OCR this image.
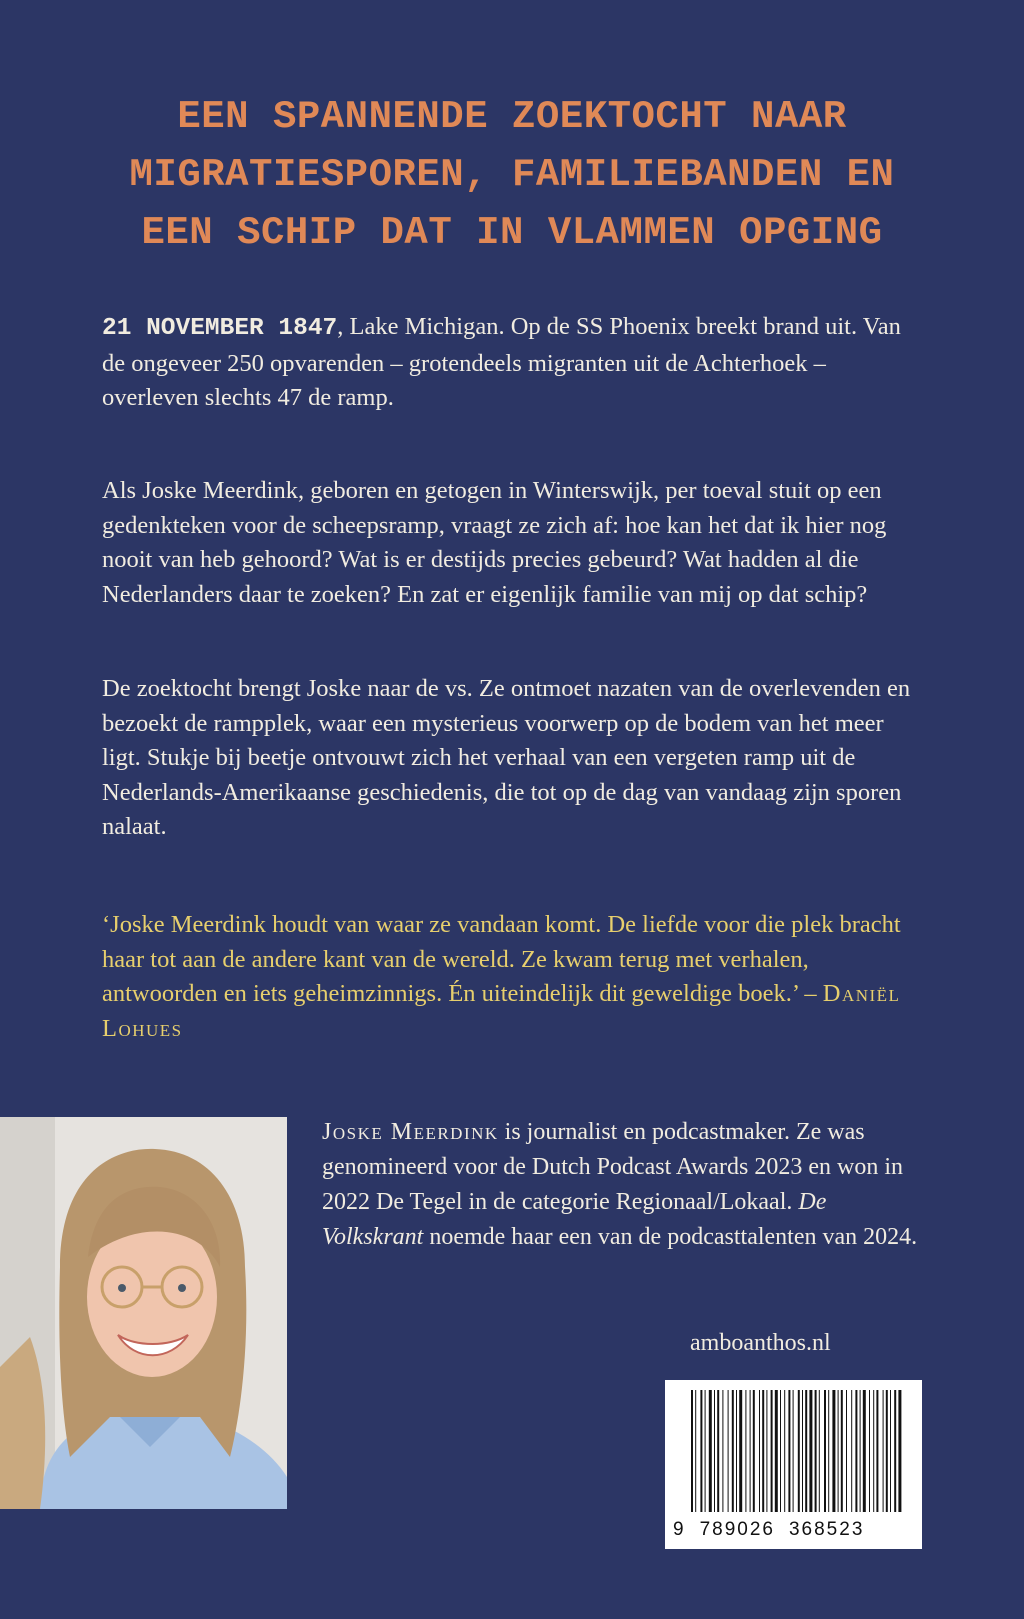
EEN SPANNENDE ZOEKTOCHT NAAR
MIGRATIESPOREN, FAMILIEBANDEN EN
EEN SCHIP DAT IN VLAMMEN OPGING

21 NOVEMBER 1847, Lake Michigan. Op de SS Phoenix breekt brand uit. Van de ongeveer 250 opvarenden – grotendeels migranten uit de Achterhoek – overleven slechts 47 de ramp.

Als Joske Meerdink, geboren en getogen in Winterswijk, per toeval stuit op een gedenkteken voor de scheepsramp, vraagt ze zich af: hoe kan het dat ik hier nog nooit van heb gehoord? Wat is er destijds precies gebeurd? Wat hadden al die Nederlanders daar te zoeken? En zat er eigenlijk familie van mij op dat schip?

De zoektocht brengt Joske naar de vs. Ze ontmoet nazaten van de overlevenden en bezoekt de rampplek, waar een mysterieus voorwerp op de bodem van het meer ligt. Stukje bij beetje ontvouwt zich het verhaal van een vergeten ramp uit de Nederlands-Amerikaanse geschiedenis, die tot op de dag van vandaag zijn sporen nalaat.

‘Joske Meerdink houdt van waar ze vandaan komt. De liefde voor die plek bracht haar tot aan de andere kant van de wereld. Ze kwam terug met verhalen, antwoorden en iets geheimzinnigs. Én uiteindelijk dit geweldige boek.’ – Daniël Lohues

Joske Meerdink is journalist en podcastmaker. Ze was genomineerd voor de Dutch Podcast Awards 2023 en won in 2022 De Tegel in de categorie Regionaal/Lokaal. De Volkskrant noemde haar een van de podcasttalenten van 2024.
amboanthos.nl
9 789026 368523
